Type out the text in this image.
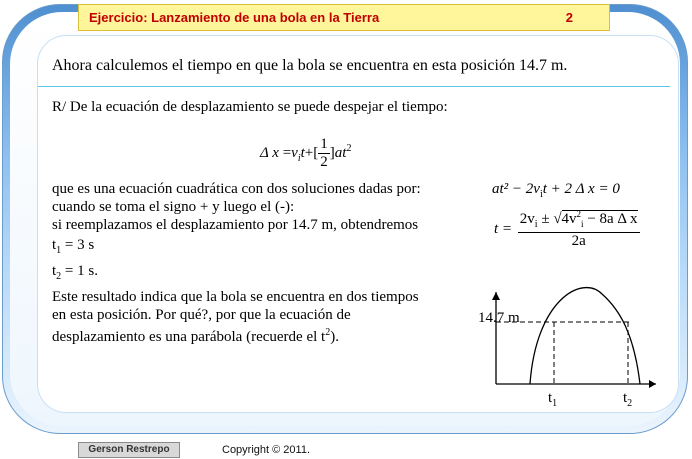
Ejercicio: Lanzamiento de una bola en la Tierra	2
Ahora calculemos el tiempo en que la bola se encuentra en esta posición 14.7 m.
R/ De la ecuación de desplazamiento se puede despejar el tiempo:
Δ $x =v_it+[ \frac{1}{2} ]at^2$
que es una ecuación cuadrática con dos soluciones dadas por:
cuando se toma el signo + y luego el (-):
si reemplazamos el desplazamiento por 14.7 m, obtendremos
$t_1 = 3$ s
$t_2 = 1$ s.
Este resultado indica que la bola se encuentra en dos tiempos
en esta posición. Por qué?, por que la ecuación de
desplazamiento es una parábola (recuerde el $t^2$).
$at^2 - 2v_it + 2$ Δ x = 0
$t = \frac{2v_i \pm √4v^2_i - 8a \Delta x}{2a}$
14.7 m
$t_1$	$t_2$
Gerson Restrepo	Copyright © 2011.
